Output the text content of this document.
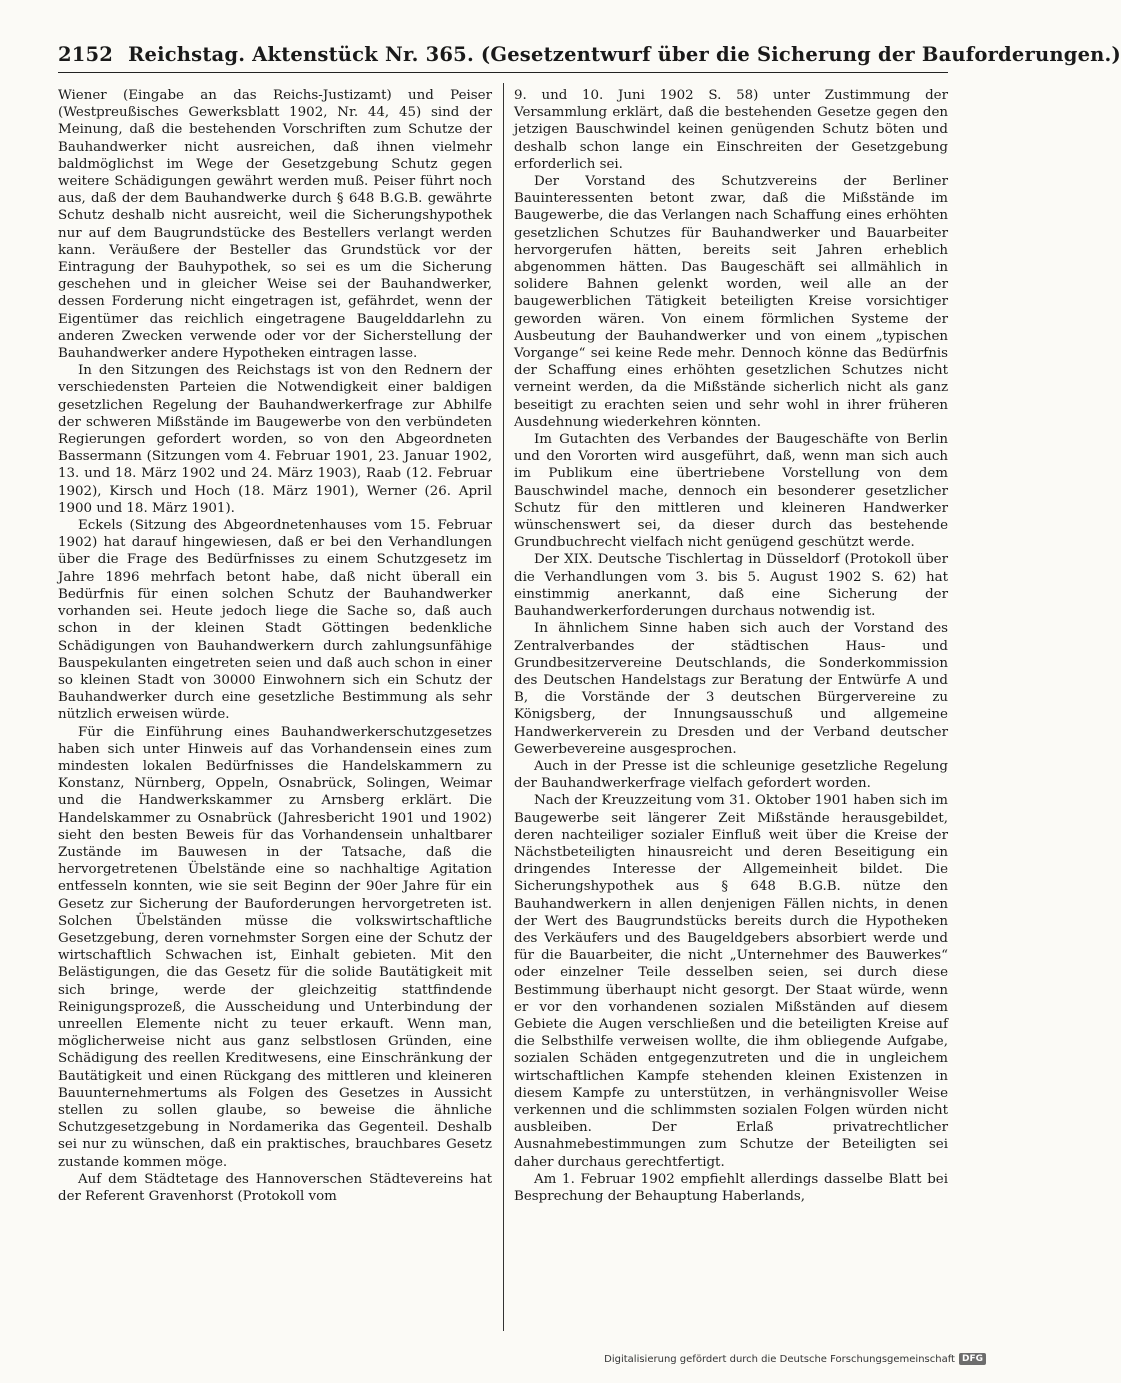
2152 Reichstag. Aktenstück Nr. 365. (Gesetzentwurf über die Sicherung der Bauforderungen.)

Wiener (Eingabe an das Reichs-Justizamt) und Peiser (Westpreußisches Gewerksblatt 1902, Nr. 44, 45) sind der Meinung, daß die bestehenden Vorschriften zum Schutze der Bauhandwerker nicht ausreichen, daß ihnen vielmehr baldmöglichst im Wege der Gesetzgebung Schutz gegen weitere Schädigungen gewährt werden muß. Peiser führt noch aus, daß der dem Bauhandwerke durch § 648 B.G.B. gewährte Schutz deshalb nicht ausreicht, weil die Sicherungshypothek nur auf dem Baugrundstücke des Bestellers verlangt werden kann. Veräußere der Besteller das Grundstück vor der Eintragung der Bauhypothek, so sei es um die Sicherung geschehen und in gleicher Weise sei der Bauhandwerker, dessen Forderung nicht eingetragen ist, gefährdet, wenn der Eigentümer das reichlich eingetragene Baugelddarlehn zu anderen Zwecken verwende oder vor der Sicherstellung der Bauhandwerker andere Hypotheken eintragen lasse.

In den Sitzungen des Reichstags ist von den Rednern der verschiedensten Parteien die Notwendigkeit einer baldigen gesetzlichen Regelung der Bauhandwerkerfrage zur Abhilfe der schweren Mißstände im Baugewerbe von den verbündeten Regierungen gefordert worden, so von den Abgeordneten Bassermann (Sitzungen vom 4. Februar 1901, 23. Januar 1902, 13. und 18. März 1902 und 24. März 1903), Raab (12. Februar 1902), Kirsch und Hoch (18. März 1901), Werner (26. April 1900 und 18. März 1901).

Eckels (Sitzung des Abgeordnetenhauses vom 15. Februar 1902) hat darauf hingewiesen, daß er bei den Verhandlungen über die Frage des Bedürfnisses zu einem Schutzgesetz im Jahre 1896 mehrfach betont habe, daß nicht überall ein Bedürfnis für einen solchen Schutz der Bauhandwerker vorhanden sei. Heute jedoch liege die Sache so, daß auch schon in der kleinen Stadt Göttingen bedenkliche Schädigungen von Bauhandwerkern durch zahlungsunfähige Bauspekulanten eingetreten seien und daß auch schon in einer so kleinen Stadt von 30000 Einwohnern sich ein Schutz der Bauhandwerker durch eine gesetzliche Bestimmung als sehr nützlich erweisen würde.

Für die Einführung eines Bauhandwerkerschutzgesetzes haben sich unter Hinweis auf das Vorhandensein eines zum mindesten lokalen Bedürfnisses die Handelskammern zu Konstanz, Nürnberg, Oppeln, Osnabrück, Solingen, Weimar und die Handwerkskammer zu Arnsberg erklärt. Die Handelskammer zu Osnabrück (Jahresbericht 1901 und 1902) sieht den besten Beweis für das Vorhandensein unhaltbarer Zustände im Bauwesen in der Tatsache, daß die hervorgetretenen Übelstände eine so nachhaltige Agitation entfesseln konnten, wie sie seit Beginn der 90er Jahre für ein Gesetz zur Sicherung der Bauforderungen hervorgetreten ist. Solchen Übelständen müsse die volkswirtschaftliche Gesetzgebung, deren vornehmster Sorgen eine der Schutz der wirtschaftlich Schwachen ist, Einhalt gebieten. Mit den Belästigungen, die das Gesetz für die solide Bautätigkeit mit sich bringe, werde der gleichzeitig stattfindende Reinigungsprozeß, die Ausscheidung und Unterbindung der unreellen Elemente nicht zu teuer erkauft. Wenn man, möglicherweise nicht aus ganz selbstlosen Gründen, eine Schädigung des reellen Kreditwesens, eine Einschränkung der Bautätigkeit und einen Rückgang des mittleren und kleineren Bauunternehmertums als Folgen des Gesetzes in Aussicht stellen zu sollen glaube, so beweise die ähnliche Schutzgesetzgebung in Nordamerika das Gegenteil. Deshalb sei nur zu wünschen, daß ein praktisches, brauchbares Gesetz zustande kommen möge.

Auf dem Städtetage des Hannoverschen Städtevereins hat der Referent Gravenhorst (Protokoll vom

9. und 10. Juni 1902 S. 58) unter Zustimmung der Versammlung erklärt, daß die bestehenden Gesetze gegen den jetzigen Bauschwindel keinen genügenden Schutz böten und deshalb schon lange ein Einschreiten der Gesetzgebung erforderlich sei.

Der Vorstand des Schutzvereins der Berliner Bauinteressenten betont zwar, daß die Mißstände im Baugewerbe, die das Verlangen nach Schaffung eines erhöhten gesetzlichen Schutzes für Bauhandwerker und Bauarbeiter hervorgerufen hätten, bereits seit Jahren erheblich abgenommen hätten. Das Baugeschäft sei allmählich in solidere Bahnen gelenkt worden, weil alle an der baugewerblichen Tätigkeit beteiligten Kreise vorsichtiger geworden wären. Von einem förmlichen Systeme der Ausbeutung der Bauhandwerker und von einem „typischen Vorgange“ sei keine Rede mehr. Dennoch könne das Bedürfnis der Schaffung eines erhöhten gesetzlichen Schutzes nicht verneint werden, da die Mißstände sicherlich nicht als ganz beseitigt zu erachten seien und sehr wohl in ihrer früheren Ausdehnung wiederkehren könnten.

Im Gutachten des Verbandes der Baugeschäfte von Berlin und den Vororten wird ausgeführt, daß, wenn man sich auch im Publikum eine übertriebene Vorstellung von dem Bauschwindel mache, dennoch ein besonderer gesetzlicher Schutz für den mittleren und kleineren Handwerker wünschenswert sei, da dieser durch das bestehende Grundbuchrecht vielfach nicht genügend geschützt werde.

Der XIX. Deutsche Tischlertag in Düsseldorf (Protokoll über die Verhandlungen vom 3. bis 5. August 1902 S. 62) hat einstimmig anerkannt, daß eine Sicherung der Bauhandwerkerforderungen durchaus notwendig ist.

In ähnlichem Sinne haben sich auch der Vorstand des Zentralverbandes der städtischen Haus- und Grundbesitzervereine Deutschlands, die Sonderkommission des Deutschen Handelstags zur Beratung der Entwürfe A und B, die Vorstände der 3 deutschen Bürgervereine zu Königsberg, der Innungsausschuß und allgemeine Handwerkerverein zu Dresden und der Verband deutscher Gewerbevereine ausgesprochen.

Auch in der Presse ist die schleunige gesetzliche Regelung der Bauhandwerkerfrage vielfach gefordert worden.

Nach der Kreuzzeitung vom 31. Oktober 1901 haben sich im Baugewerbe seit längerer Zeit Mißstände herausgebildet, deren nachteiliger sozialer Einfluß weit über die Kreise der Nächstbeteiligten hinausreicht und deren Beseitigung ein dringendes Interesse der Allgemeinheit bildet. Die Sicherungshypothek aus § 648 B.G.B. nütze den Bauhandwerkern in allen denjenigen Fällen nichts, in denen der Wert des Baugrundstücks bereits durch die Hypotheken des Verkäufers und des Baugeldgebers absorbiert werde und für die Bauarbeiter, die nicht „Unternehmer des Bauwerkes“ oder einzelner Teile desselben seien, sei durch diese Bestimmung überhaupt nicht gesorgt. Der Staat würde, wenn er vor den vorhandenen sozialen Mißständen auf diesem Gebiete die Augen verschließen und die beteiligten Kreise auf die Selbsthilfe verweisen wollte, die ihm obliegende Aufgabe, sozialen Schäden entgegenzutreten und die in ungleichem wirtschaftlichen Kampfe stehenden kleinen Existenzen in diesem Kampfe zu unterstützen, in verhängnisvoller Weise verkennen und die schlimmsten sozialen Folgen würden nicht ausbleiben. Der Erlaß privatrechtlicher Ausnahmebestimmungen zum Schutze der Beteiligten sei daher durchaus gerechtfertigt.

Am 1. Februar 1902 empfiehlt allerdings dasselbe Blatt bei Besprechung der Behauptung Haberlands,

Digitalisierung gefördert durch die Deutsche Forschungsgemeinschaft DFG
